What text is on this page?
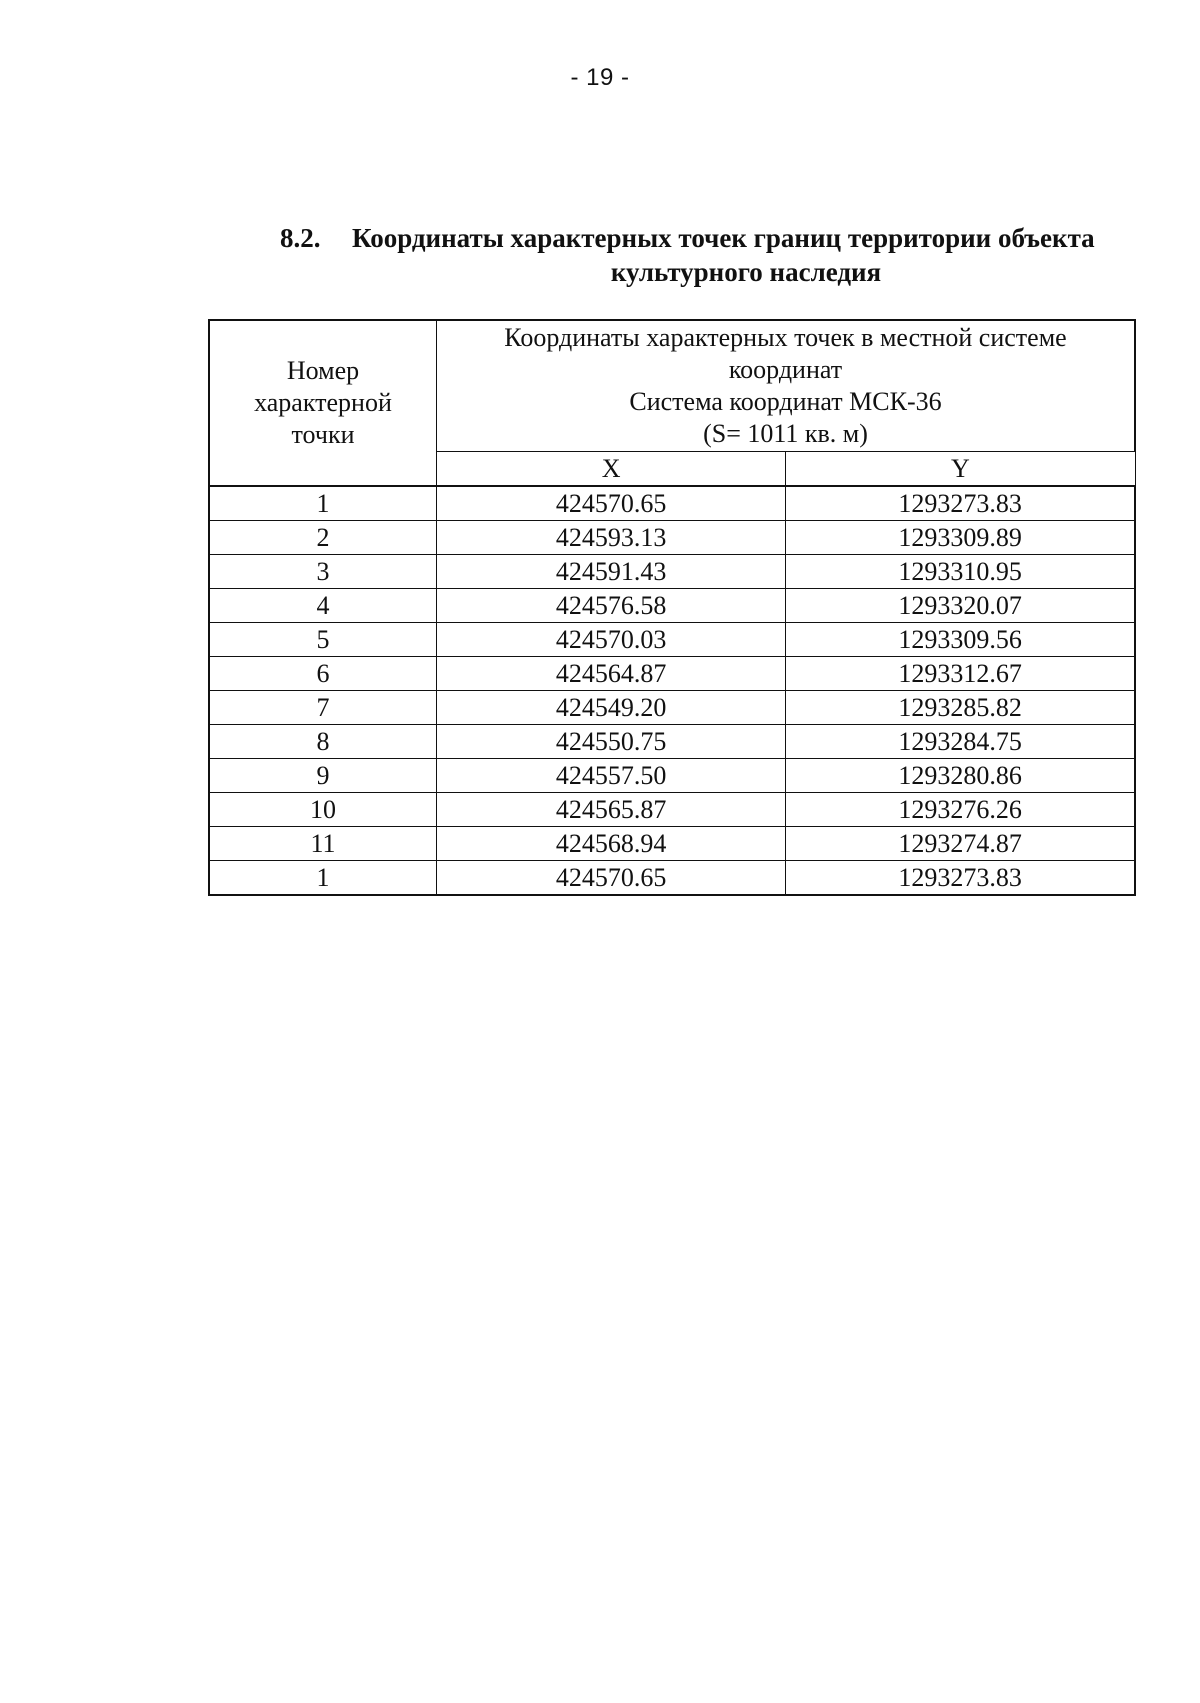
- 19 -
8.2.	Координаты характерных точек границ территории объекта
культурного наследия
Номер
характерной
точки	Координаты характерных точек в местной системе
координат
Система координат МСК-36
(S= 1011 кв. м)	

	X	Y
1	424570.65	1293273.83
2	424593.13	1293309.89
3	424591.43	1293310.95
4	424576.58	1293320.07
5	424570.03	1293309.56
6	424564.87	1293312.67
7	424549.20	1293285.82
8	424550.75	1293284.75
9	424557.50	1293280.86
10	424565.87	1293276.26
11	424568.94	1293274.87
1	424570.65	1293273.83
